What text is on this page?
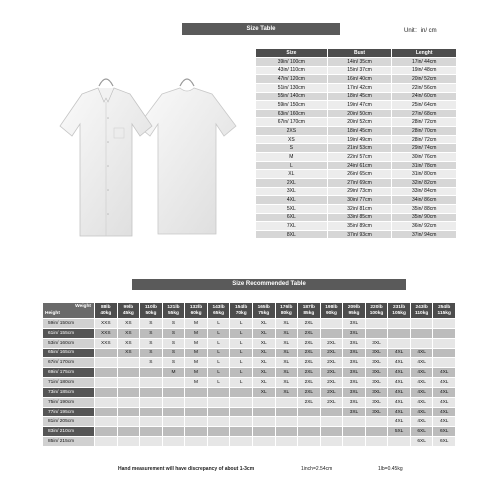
Size Table	Unit：in/ cm
Size	Bust	Lenght
39in/ 100cm	14in/ 35cm	17in/ 44cm
43in/ 110cm	15in/ 37cm	19in/ 48cm
47in/ 120cm	16in/ 40cm	20in/ 52cm
51in/ 130cm	17in/ 42cm	22in/ 56cm
55in/ 140cm	18in/ 45cm	24in/ 60cm
59in/ 150cm	19in/ 47cm	25in/ 64cm
63in/ 160cm	20in/ 50cm	27in/ 68cm
67in/ 170cm	20in/ 52cm	28in/ 72cm
2XS	18in/ 45cm	28in/ 70cm
XS	19in/ 49cm	28in/ 72cm
S	21in/ 53cm	29in/ 74cm
M	22in/ 57cm	30in/ 76cm
L	24in/ 61cm	31in/ 78cm
XL	26in/ 65cm	31in/ 80cm
2XL	27in/ 69cm	32in/ 82cm
3XL	29in/ 73cm	33in/ 84cm
4XL	30in/ 77cm	34in/ 86cm
5XL	32in/ 81cm	35in/ 88cm
6XL	33in/ 85cm	35in/ 90cm
7XL	35in/ 89cm	36in/ 92cm
8XL	37in/ 93cm	37in/ 94cm
Size Recommended Table
Weight
Height	88lb 40kg	99lb 45kg	110lb 50kg	121lb 55kg	132lb 60kg	143lb 65kg	154lb 70kg	165lb 75kg	176lb 80kg	187lb 85kg	198lb 90kg	209lb 95kg	220lb 100kg	231lb 105kg	243lb 110kg	254lb 115kg
59in/ 150cm	XXS	XS	S	S	M	L	L	XL	XL	2XL		3XL				
61in/ 155cm	XXS	XS	S	S	M	L	L	XL	XL	2XL		3XL				
53in/ 160cm	XXS	XS	S	S	M	L	L	XL	XL	2XL	2XL	3XL	3XL			
65in/ 165cm		XS	S	S	M	L	L	XL	XL	2XL	2XL	3XL	3XL	4XL	4XL	
67in/ 170cm			S	S	M	L	L	XL	XL	2XL	2XL	3XL	3XL	4XL	4XL	
69in/ 175cm				M	M	L	L	XL	XL	2XL	2XL	3XL	3XL	4XL	4XL	4XL
71in/ 180cm					M	L	L	XL	XL	2XL	2XL	3XL	3XL	4XL	4XL	4XL
73in/ 185cm								XL	XL	2XL	2XL	3XL	3XL	4XL	4XL	4XL
75in/ 190cm										2XL	2XL	3XL	3XL	4XL	4XL	4XL
77in/ 195cm												3XL	3XL	4XL	4XL	4XL
81in/ 205cm														4XL	4XL	4XL
83in/ 210cm														5XL	6XL	6XL
85in/ 215cm															6XL	6XL
Hand measurement will have discrepancy of about 1-3cm	1inch=2.54cm	1lb=0.45kg
